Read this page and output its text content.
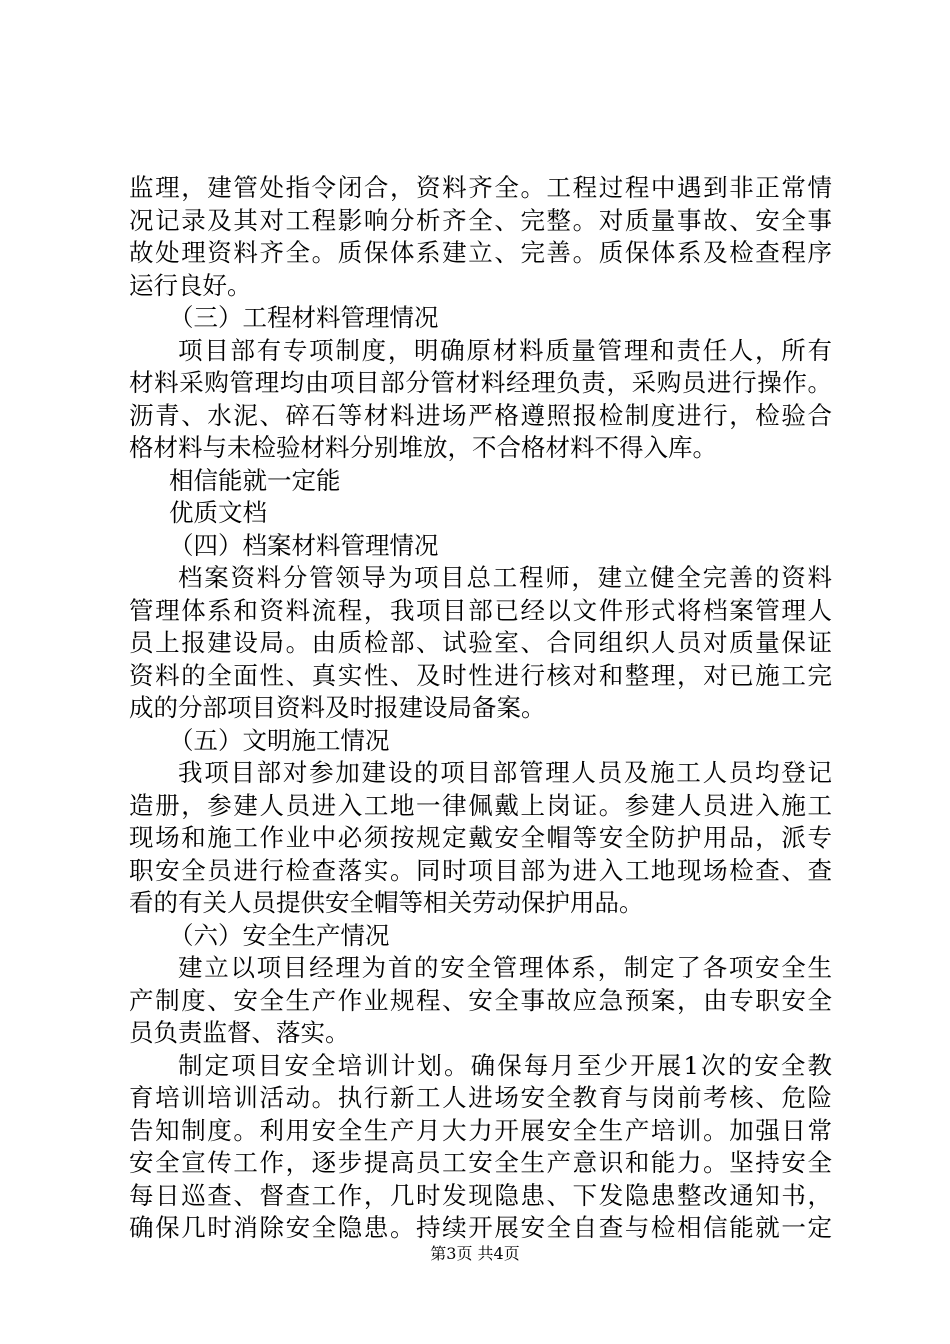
监理，建管处指令闭合，资料齐全。工程过程中遇到非正常情
况记录及其对工程影响分析齐全、完整。对质量事故、安全事
故处理资料齐全。质保体系建立、完善。质保体系及检查程序
运行良好。
（三）工程材料管理情况
项目部有专项制度，明确原材料质量管理和责任人，所有
材料采购管理均由项目部分管材料经理负责，采购员进行操作。
沥青、水泥、碎石等材料进场严格遵照报检制度进行，检验合
格材料与未检验材料分别堆放，不合格材料不得入库。
相信能就一定能
优质文档
（四）档案材料管理情况
档案资料分管领导为项目总工程师，建立健全完善的资料
管理体系和资料流程，我项目部已经以文件形式将档案管理人
员上报建设局。由质检部、试验室、合同组织人员对质量保证
资料的全面性、真实性、及时性进行核对和整理，对已施工完
成的分部项目资料及时报建设局备案。
（五）文明施工情况
我项目部对参加建设的项目部管理人员及施工人员均登记
造册，参建人员进入工地一律佩戴上岗证。参建人员进入施工
现场和施工作业中必须按规定戴安全帽等安全防护用品，派专
职安全员进行检查落实。同时项目部为进入工地现场检查、查
看的有关人员提供安全帽等相关劳动保护用品。
（六）安全生产情况
建立以项目经理为首的安全管理体系，制定了各项安全生
产制度、安全生产作业规程、安全事故应急预案，由专职安全
员负责监督、落实。
制定项目安全培训计划。确保每月至少开展1次的安全教
育培训培训活动。执行新工人进场安全教育与岗前考核、危险
告知制度。利用安全生产月大力开展安全生产培训。加强日常
安全宣传工作，逐步提高员工安全生产意识和能力。坚持安全
每日巡查、督查工作，几时发现隐患、下发隐患整改通知书，
确保几时消除安全隐患。持续开展安全自查与检相信能就一定
第3页 共4页
